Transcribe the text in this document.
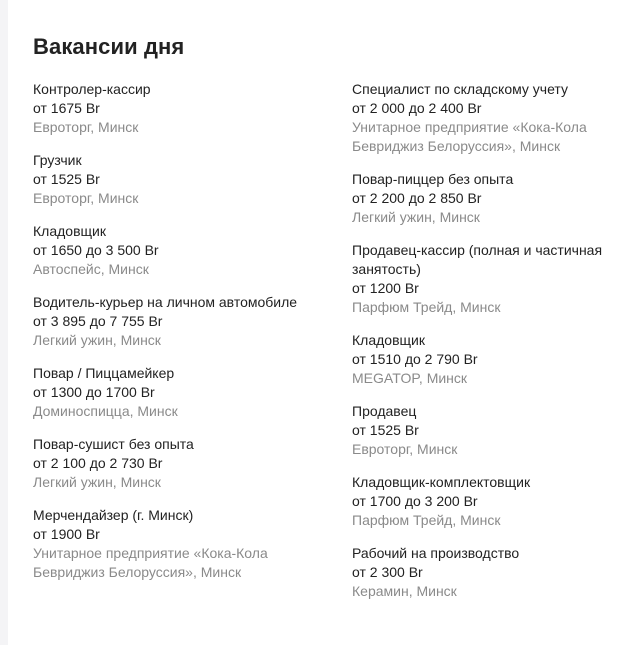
Вакансии дня
Контролер-кассир
от 1675 Br
Евроторг, Минск
Грузчик
от 1525 Br
Евроторг, Минск
Кладовщик
от 1650 до 3 500 Br
Автоспейс, Минск
Водитель-курьер на личном автомобиле
от 3 895 до 7 755 Br
Легкий ужин, Минск
Повар / Пиццамейкер
от 1300 до 1700 Br
Доминоспицца, Минск
Повар-сушист без опыта
от 2 100 до 2 730 Br
Легкий ужин, Минск
Мерчендайзер (г. Минск)
от 1900 Br
Унитарное предприятие «Кока-Кола Бевриджиз Белоруссия», Минск
Специалист по складскому учету
от 2 000 до 2 400 Br
Унитарное предприятие «Кока-Кола Бевриджиз Белоруссия», Минск
Повар-пиццер без опыта
от 2 200 до 2 850 Br
Легкий ужин, Минск
Продавец-кассир (полная и частичная занятость)
от 1200 Br
Парфюм Трейд, Минск
Кладовщик
от 1510 до 2 790 Br
MEGATOP, Минск
Продавец
от 1525 Br
Евроторг, Минск
Кладовщик-комплектовщик
от 1700 до 3 200 Br
Парфюм Трейд, Минск
Рабочий на производство
от 2 300 Br
Керамин, Минск
